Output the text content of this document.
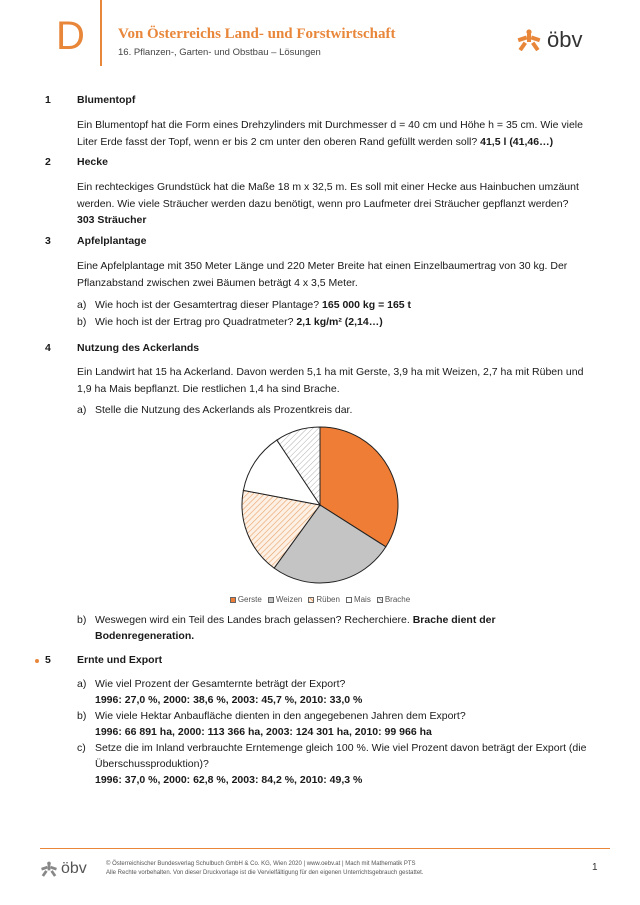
D Von Österreichs Land- und Forstwirtschaft
16. Pflanzen-, Garten- und Obstbau – Lösungen
öbv
1 Blumentopf
Ein Blumentopf hat die Form eines Drehzylinders mit Durchmesser d = 40 cm und Höhe h = 35 cm. Wie viele Liter Erde fasst der Topf, wenn er bis 2 cm unter den oberen Rand gefüllt werden soll? 41,5 l (41,46…)
2 Hecke
Ein rechteckiges Grundstück hat die Maße 18 m x 32,5 m. Es soll mit einer Hecke aus Hainbuchen umzäunt werden. Wie viele Sträucher werden dazu benötigt, wenn pro Laufmeter drei Sträucher gepflanzt werden?
303 Sträucher
3 Apfelplantage
Eine Apfelplantage mit 350 Meter Länge und 220 Meter Breite hat einen Einzelbaumertrag von 30 kg. Der Pflanzabstand zwischen zwei Bäumen beträgt 4 x 3,5 Meter.
a) Wie hoch ist der Gesamtertrag dieser Plantage? 165 000 kg = 165 t
b) Wie hoch ist der Ertrag pro Quadratmeter? 2,1 kg/m² (2,14…)
4 Nutzung des Ackerlands
Ein Landwirt hat 15 ha Ackerland. Davon werden 5,1 ha mit Gerste, 3,9 ha mit Weizen, 2,7 ha mit Rüben und 1,9 ha Mais bepflanzt. Die restlichen 1,4 ha sind Brache.
a) Stelle die Nutzung des Ackerlands als Prozentkreis dar.
Gerste Weizen Rüben Mais Brache
b) Weswegen wird ein Teil des Landes brach gelassen? Recherchiere. Brache dient der Bodenregeneration.
5 Ernte und Export
a) Wie viel Prozent der Gesamternte beträgt der Export?
1996: 27,0 %, 2000: 38,6 %, 2003: 45,7 %, 2010: 33,0 %
b) Wie viele Hektar Anbaufläche dienten in den angegebenen Jahren dem Export?
1996: 66 891 ha, 2000: 113 366 ha, 2003: 124 301 ha, 2010: 99 966 ha
c) Setze die im Inland verbrauchte Erntemenge gleich 100 %. Wie viel Prozent davon beträgt der Export (die Überschussproduktion)?
1996: 37,0 %, 2000: 62,8 %, 2003: 84,2 %, 2010: 49,3 %
öbv	© Österreichischer Bundesverlag Schulbuch GmbH & Co. KG, Wien 2020 | www.oebv.at | Mach mit Mathematik PTS
Alle Rechte vorbehalten. Von dieser Druckvorlage ist die Vervielfältigung für den eigenen Unterrichtsgebrauch gestattet.	1
